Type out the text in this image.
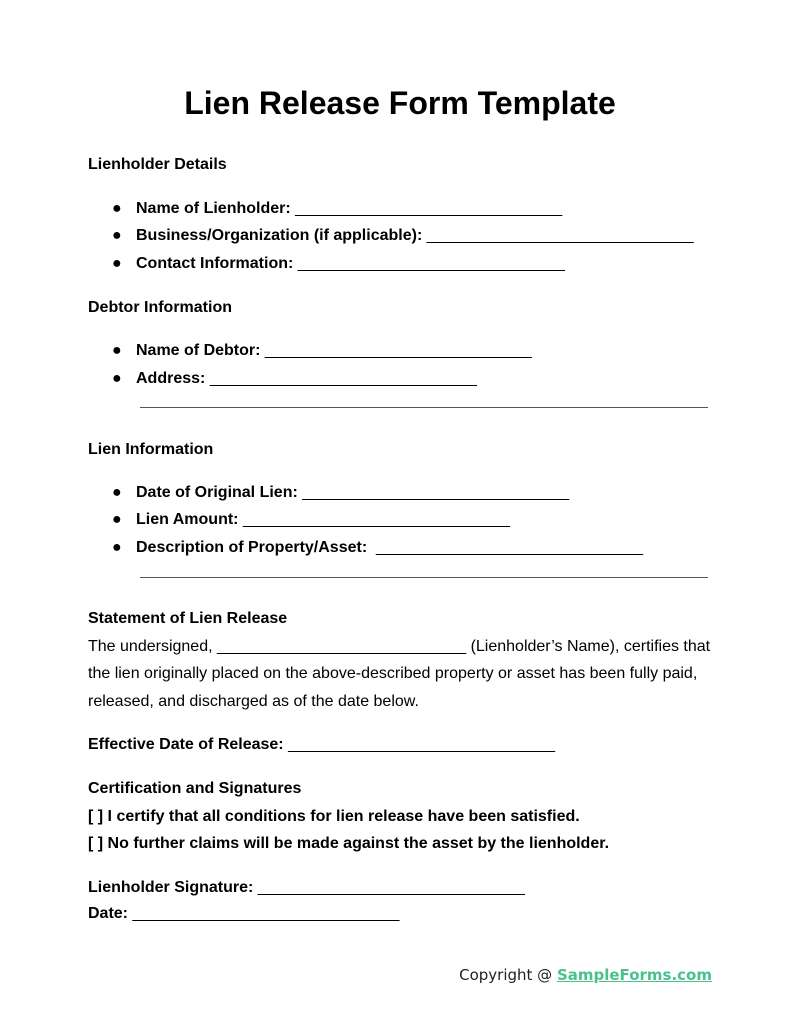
Lien Release Form Template
Lienholder Details
● Name of Lienholder: ______________________________
● Business/Organization (if applicable): ______________________________
● Contact Information: ______________________________
Debtor Information
● Name of Debtor: ______________________________
● Address: ______________________________
Lien Information
● Date of Original Lien: ______________________________
● Lien Amount: ______________________________
● Description of Property/Asset: ______________________________
Statement of Lien Release
The undersigned, ____________________________ (Lienholder’s Name), certifies that
the lien originally placed on the above-described property or asset has been fully paid,
released, and discharged as of the date below.
Effective Date of Release: ______________________________
Certification and Signatures
[ ] I certify that all conditions for lien release have been satisfied.
[ ] No further claims will be made against the asset by the lienholder.
Lienholder Signature: ______________________________
Date: ______________________________
Copyright @ SampleForms.com
